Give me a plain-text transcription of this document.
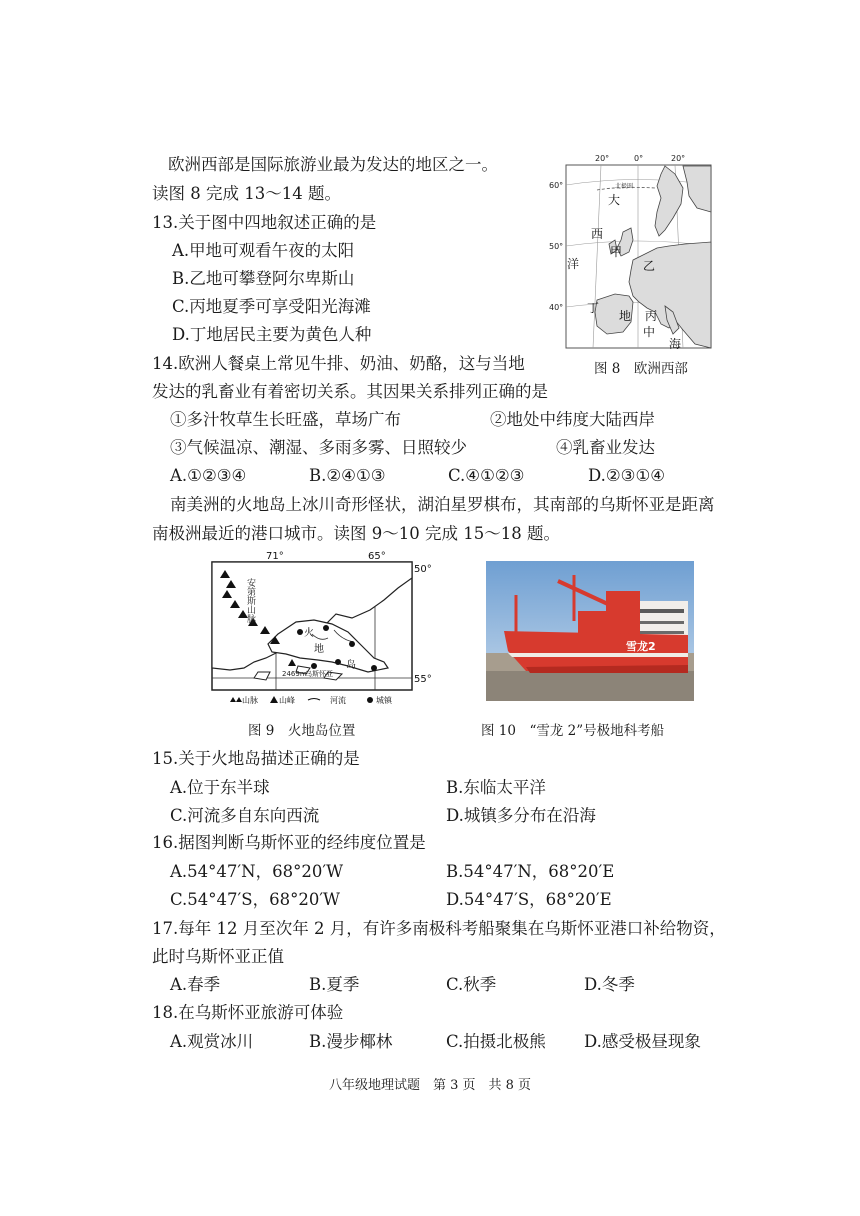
欧洲西部是国际旅游业最为发达的地区之一。
读图 8 完成 13～14 题。
13.关于图中四地叙述正确的是
A.甲地可观看午夜的太阳
B.乙地可攀登阿尔卑斯山
C.丙地夏季可享受阳光海滩
D.丁地居民主要为黄色人种
北极圈
20°	0°	20°
60°
50°
40°
大
西
洋
甲
乙
丙
丁
地
中
海
图 8　欧洲西部
14.欧洲人餐桌上常见牛排、奶油、奶酪，这与当地
发达的乳畜业有着密切关系。其因果关系排列正确的是
①多汁牧草生长旺盛，草场广布	②地处中纬度大陆西岸
③气候温凉、潮湿、多雨多雾、日照较少	④乳畜业发达
A.①②③④	B.②④①③	C.④①②③	D.②③①④
南美洲的火地岛上冰川奇形怪状，湖泊星罗棋布，其南部的乌斯怀亚是距离
南极洲最近的港口城市。读图 9～10 完成 15～18 题。
安第斯山脉
2469m
乌斯怀亚
火
地
岛
71°	65°
50°
55°
山脉	山峰	河流	城镇
图 9　火地岛位置
雪龙2
图 10　“雪龙 2”号极地科考船
15.关于火地岛描述正确的是
A.位于东半球	B.东临太平洋
C.河流多自东向西流	D.城镇多分布在沿海
16.据图判断乌斯怀亚的经纬度位置是
A.54°47′N，68°20′W	B.54°47′N，68°20′E
C.54°47′S，68°20′W	D.54°47′S，68°20′E
17.每年 12 月至次年 2 月，有许多南极科考船聚集在乌斯怀亚港口补给物资，
此时乌斯怀亚正值
A.春季	B.夏季	C.秋季	D.冬季
18.在乌斯怀亚旅游可体验
A.观赏冰川	B.漫步椰林	C.拍摄北极熊 D.感受极昼现象
八年级地理试题　第 3 页　共 8 页
